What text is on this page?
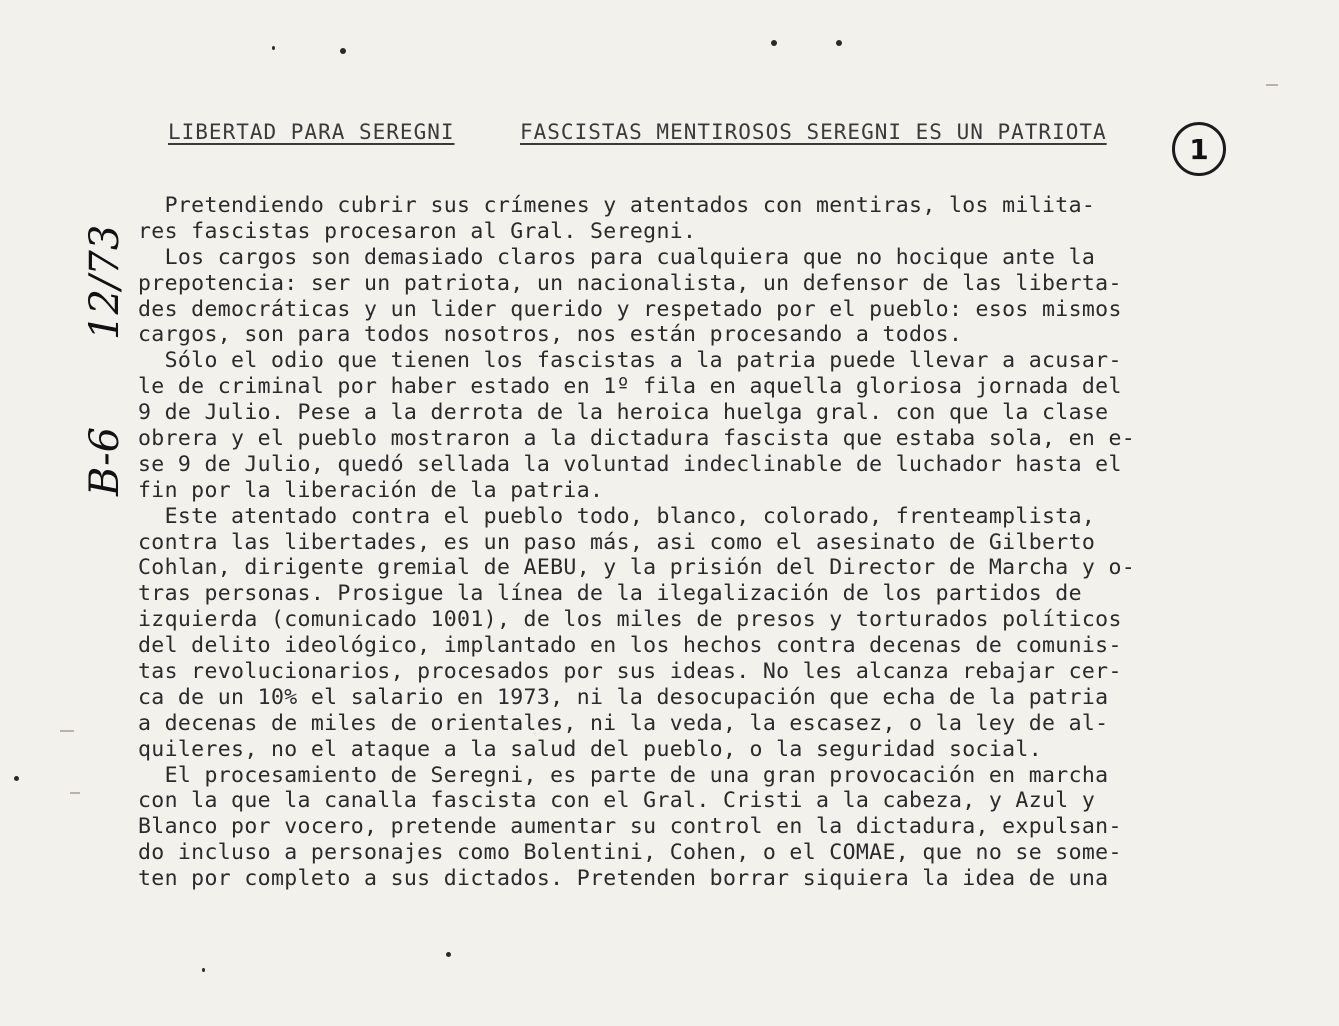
LIBERTAD PARA SEREGNI	FASCISTAS MENTIROSOS SEREGNI ES UN PATRIOTA
1
12/73
B-6
Pretendiendo cubrir sus crímenes y atentados con mentiras, los milita-
res fascistas procesaron al Gral. Seregni.
Los cargos son demasiado claros para cualquiera que no hocique ante la
prepotencia: ser un patriota, un nacionalista, un defensor de las liberta-
des democráticas y un lider querido y respetado por el pueblo: esos mismos
cargos, son para todos nosotros, nos están procesando a todos.
Sólo el odio que tienen los fascistas a la patria puede llevar a acusar-
le de criminal por haber estado en 1º fila en aquella gloriosa jornada del
9 de Julio. Pese a la derrota de la heroica huelga gral. con que la clase
obrera y el pueblo mostraron a la dictadura fascista que estaba sola, en e-
se 9 de Julio, quedó sellada la voluntad indeclinable de luchador hasta el
fin por la liberación de la patria.
Este atentado contra el pueblo todo, blanco, colorado, frenteamplista,
contra las libertades, es un paso más, asi como el asesinato de Gilberto
Cohlan, dirigente gremial de AEBU, y la prisión del Director de Marcha y o-
tras personas. Prosigue la línea de la ilegalización de los partidos de
izquierda (comunicado 1001), de los miles de presos y torturados políticos
del delito ideológico, implantado en los hechos contra decenas de comunis-
tas revolucionarios, procesados por sus ideas. No les alcanza rebajar cer-
ca de un 10% el salario en 1973, ni la desocupación que echa de la patria
a decenas de miles de orientales, ni la veda, la escasez, o la ley de al-
quileres, no el ataque a la salud del pueblo, o la seguridad social.
El procesamiento de Seregni, es parte de una gran provocación en marcha
con la que la canalla fascista con el Gral. Cristi a la cabeza, y Azul y
Blanco por vocero, pretende aumentar su control en la dictadura, expulsan-
do incluso a personajes como Bolentini, Cohen, o el COMAE, que no se some-
ten por completo a sus dictados. Pretenden borrar siquiera la idea de una
